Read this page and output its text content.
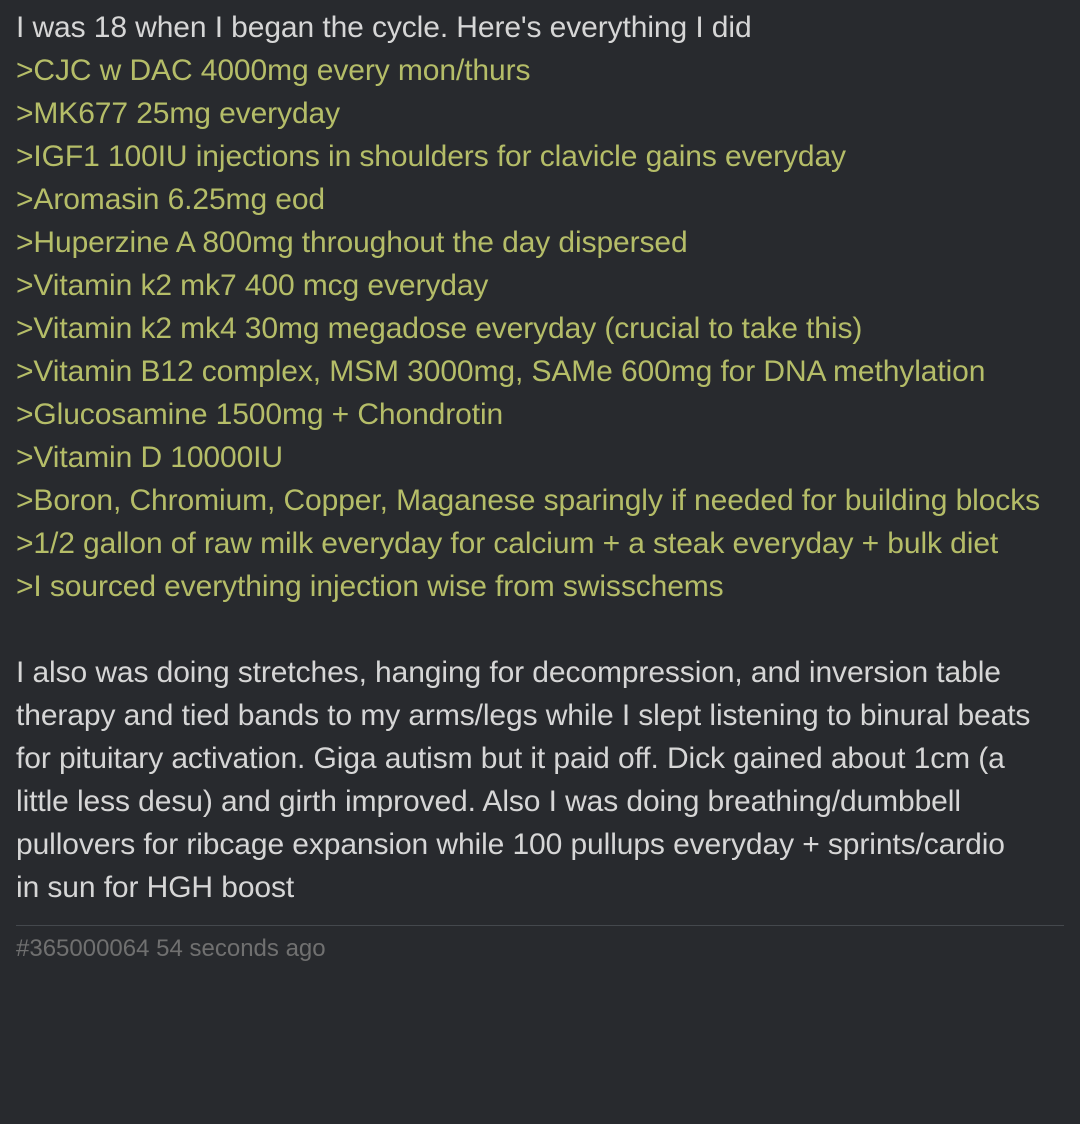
I was 18 when I began the cycle. Here's everything I did
>CJC w DAC 4000mg every mon/thurs
>MK677 25mg everyday
>IGF1 100IU injections in shoulders for clavicle gains everyday
>Aromasin 6.25mg eod
>Huperzine A 800mg throughout the day dispersed
>Vitamin k2 mk7 400 mcg everyday
>Vitamin k2 mk4 30mg megadose everyday (crucial to take this)
>Vitamin B12 complex, MSM 3000mg, SAMe 600mg for DNA methylation
>Glucosamine 1500mg + Chondrotin
>Vitamin D 10000IU
>Boron, Chromium, Copper, Maganese sparingly if needed for building blocks
>1/2 gallon of raw milk everyday for calcium + a steak everyday + bulk diet
>I sourced everything injection wise from swisschems
I also was doing stretches, hanging for decompression, and inversion table therapy and tied bands to my arms/legs while I slept listening to binural beats for pituitary activation. Giga autism but it paid off. Dick gained about 1cm (a little less desu) and girth improved. Also I was doing breathing/dumbbell pullovers for ribcage expansion while 100 pullups everyday + sprints/cardio in sun for HGH boost
#365000064 54 seconds ago
